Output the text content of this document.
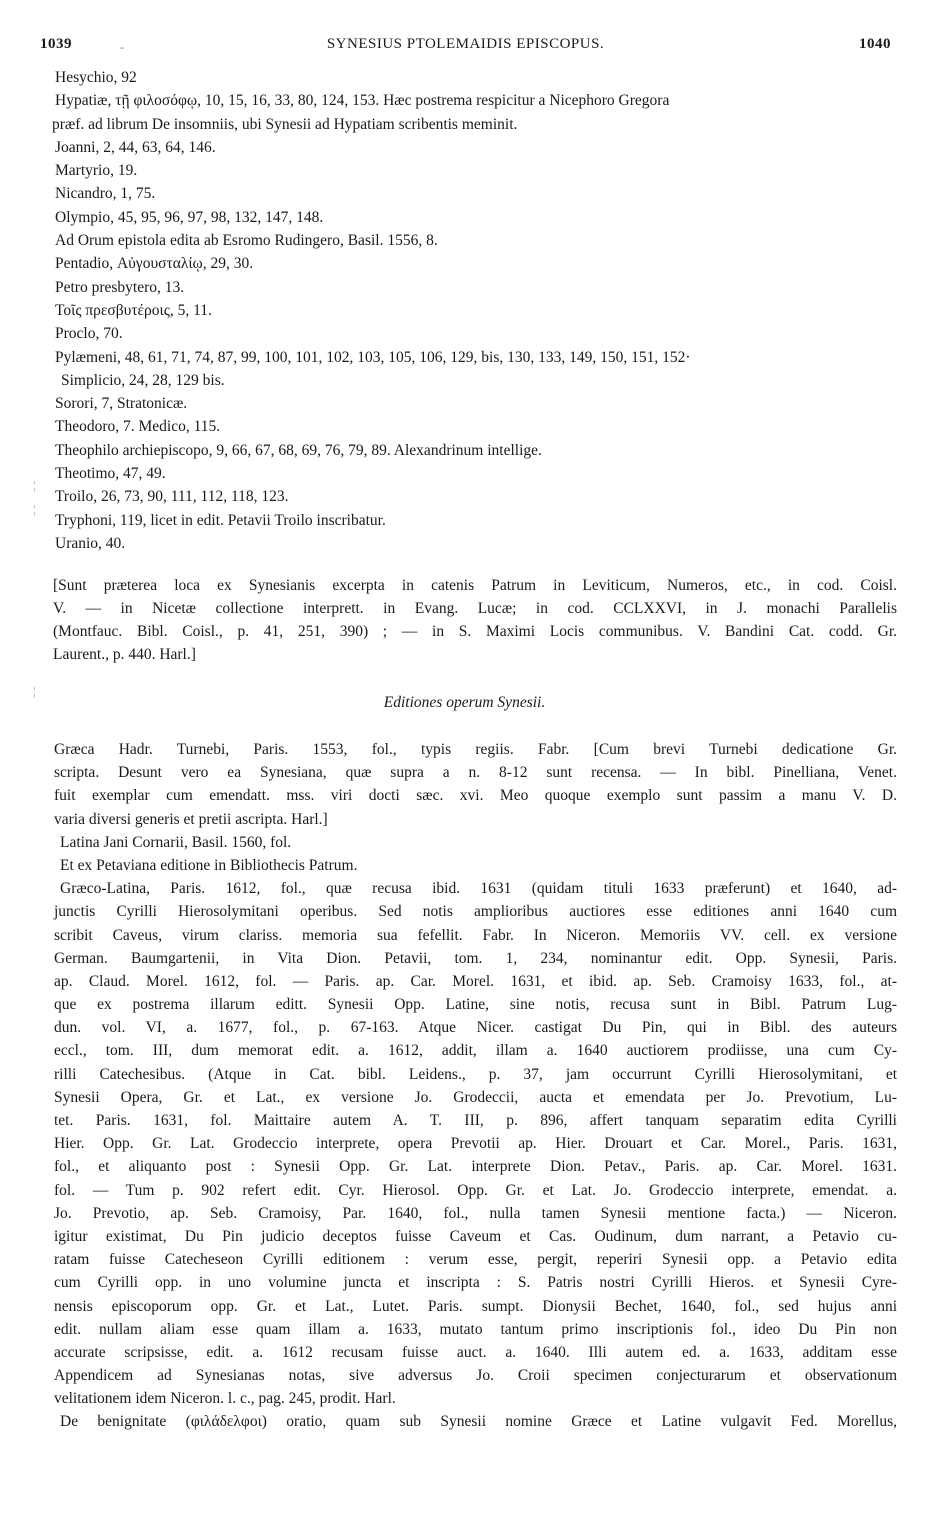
1039	SYNESIUS PTOLEMAIDIS EPISCOPUS.	1040
-
Hesychio, 92
Hypatiæ, τῇ φιλοσόφῳ, 10, 15, 16, 33, 80, 124, 153. Hæc postrema respicitur a Nicephoro Gregora
præf. ad librum De insomniis, ubi Synesii ad Hypatiam scribentis meminit.
Joanni, 2, 44, 63, 64, 146.
Martyrio, 19.
Nicandro, 1, 75.
Olympio, 45, 95, 96, 97, 98, 132, 147, 148.
Ad Orum epistola edita ab Esromo Rudingero, Basil. 1556, 8.
Pentadio, Αὐγουσταλίῳ, 29, 30.
Petro presbytero, 13.
Τοῖς πρεσβυτέροις, 5, 11.
Proclo, 70.
Pylæmeni, 48, 61, 71, 74, 87, 99, 100, 101, 102, 103, 105, 106, 129, bis, 130, 133, 149, 150, 151, 152·
Simplicio, 24, 28, 129 bis.
Sorori, 7, Stratonicæ.
Theodoro, 7. Medico, 115.
Theophilo archiepiscopo, 9, 66, 67, 68, 69, 76, 79, 89. Alexandrinum intellige.
Theotimo, 47, 49.
Troilo, 26, 73, 90, 111, 112, 118, 123.
Tryphoni, 119, licet in edit. Petavii Troilo inscribatur.
Uranio, 40.
[Sunt præterea loca ex Synesianis excerpta in catenis Patrum in Leviticum, Numeros, etc., in cod. Coisl.
V. — in Nicetæ collectione interprett. in Evang. Lucæ; in cod. CCLXXVI, in J. monachi Parallelis
(Montfauc. Bibl. Coisl., p. 41, 251, 390) ; — in S. Maximi Locis communibus. V. Bandini Cat. codd. Gr.
Laurent., p. 440. Harl.]
Editiones operum Synesii.
Græca Hadr. Turnebi, Paris. 1553, fol., typis regiis. Fabr. [Cum brevi Turnebi dedicatione Gr.
scripta. Desunt vero ea Synesiana, quæ supra a n. 8-12 sunt recensa. — In bibl. Pinelliana, Venet.
fuit exemplar cum emendatt. mss. viri docti sæc. xvi. Meo quoque exemplo sunt passim a manu V. D.
varia diversi generis et pretii ascripta. Harl.]
Latina Jani Cornarii, Basil. 1560, fol.
Et ex Petaviana editione in Bibliothecis Patrum.
Græco-Latina, Paris. 1612, fol., quæ recusa ibid. 1631 (quidam tituli 1633 præferunt) et 1640, ad-
junctis Cyrilli Hierosolymitani operibus. Sed notis amplioribus auctiores esse editiones anni 1640 cum
scribit Caveus, virum clariss. memoria sua fefellit. Fabr. In Niceron. Memoriis VV. cell. ex versione
German. Baumgartenii, in Vita Dion. Petavii, tom. 1, 234, nominantur edit. Opp. Synesii, Paris.
ap. Claud. Morel. 1612, fol. — Paris. ap. Car. Morel. 1631, et ibid. ap. Seb. Cramoisy 1633, fol., at-
que ex postrema illarum editt. Synesii Opp. Latine, sine notis, recusa sunt in Bibl. Patrum Lug-
dun. vol. VI, a. 1677, fol., p. 67-163. Atque Nicer. castigat Du Pin, qui in Bibl. des auteurs
eccl., tom. III, dum memorat edit. a. 1612, addit, illam a. 1640 auctiorem prodiisse, una cum Cy-
rilli Catechesibus. (Atque in Cat. bibl. Leidens., p. 37, jam occurrunt Cyrilli Hierosolymitani, et
Synesii Opera, Gr. et Lat., ex versione Jo. Grodeccii, aucta et emendata per Jo. Prevotium, Lu-
tet. Paris. 1631, fol. Maittaire autem A. T. III, p. 896, affert tanquam separatim edita Cyrilli
Hier. Opp. Gr. Lat. Grodeccio interprete, opera Prevotii ap. Hier. Drouart et Car. Morel., Paris. 1631,
fol., et aliquanto post : Synesii Opp. Gr. Lat. interprete Dion. Petav., Paris. ap. Car. Morel. 1631.
fol. — Tum p. 902 refert edit. Cyr. Hierosol. Opp. Gr. et Lat. Jo. Grodeccio interprete, emendat. a.
Jo. Prevotio, ap. Seb. Cramoisy, Par. 1640, fol., nulla tamen Synesii mentione facta.) — Niceron.
igitur existimat, Du Pin judicio deceptos fuisse Caveum et Cas. Oudinum, dum narrant, a Petavio cu-
ratam fuisse Catecheseon Cyrilli editionem : verum esse, pergit, reperiri Synesii opp. a Petavio edita
cum Cyrilli opp. in uno volumine juncta et inscripta : S. Patris nostri Cyrilli Hieros. et Synesii Cyre-
nensis episcoporum opp. Gr. et Lat., Lutet. Paris. sumpt. Dionysii Bechet, 1640, fol., sed hujus anni
edit. nullam aliam esse quam illam a. 1633, mutato tantum primo inscriptionis fol., ideo Du Pin non
accurate scripsisse, edit. a. 1612 recusam fuisse auct. a. 1640. Illi autem ed. a. 1633, additam esse
Appendicem ad Synesianas notas, sive adversus Jo. Croii specimen conjecturarum et observationum
velitationem idem Niceron. l. c., pag. 245, prodit. Harl.
De benignitate (φιλάδελφοι) oratio, quam sub Synesii nomine Græce et Latine vulgavit Fed. Morellus,
¦
¦
¦
